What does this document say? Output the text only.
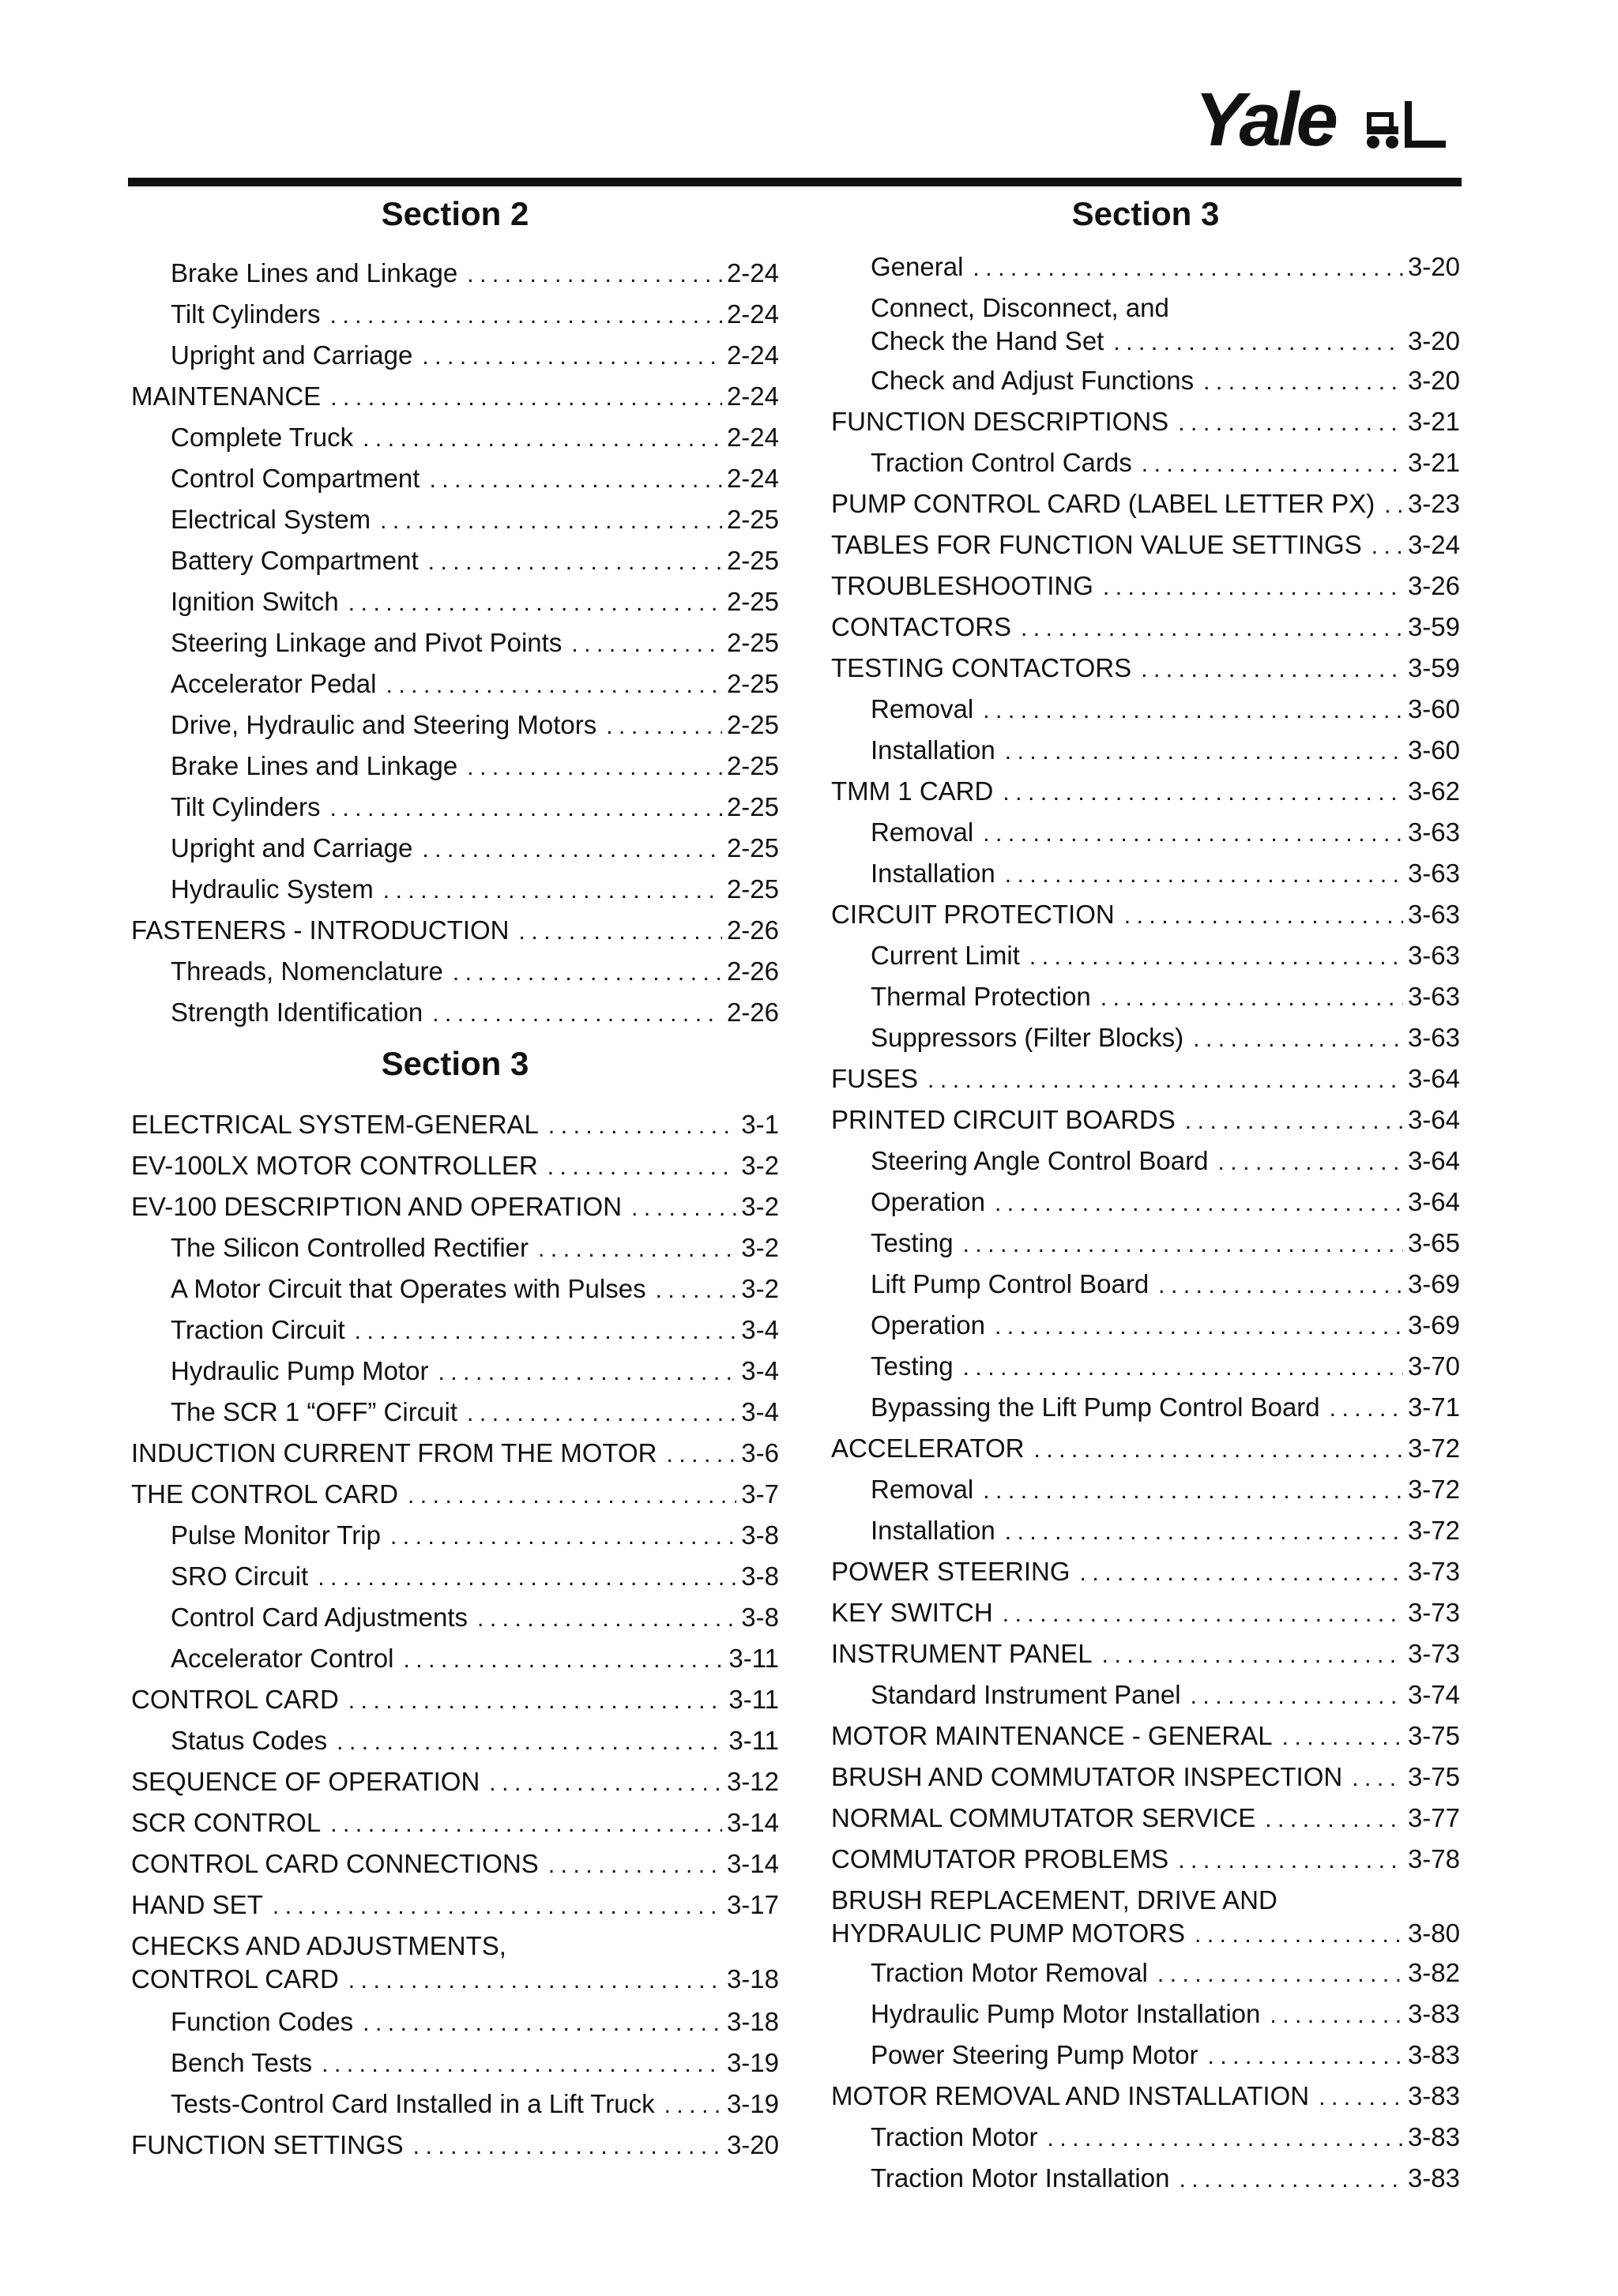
Yale
Section 2
Brake Lines and Linkage .....	2-24
Tilt Cylinders .....	2-24
Upright and Carriage .....	2-24
MAINTENANCE .....	2-24
Complete Truck .....	2-24
Control Compartment .....	2-24
Electrical System .....	2-25
Battery Compartment .....	2-25
Ignition Switch .....	2-25
Steering Linkage and Pivot Points .....	2-25
Accelerator Pedal .....	2-25
Drive, Hydraulic and Steering Motors .....	2-25
Brake Lines and Linkage .....	2-25
Tilt Cylinders .....	2-25
Upright and Carriage .....	2-25
Hydraulic System .....	2-25
FASTENERS - INTRODUCTION .....	2-26
Threads, Nomenclature .....	2-26
Strength Identification .....	2-26
Section 3
ELECTRICAL SYSTEM-GENERAL .....	3-1
EV-100LX MOTOR CONTROLLER .....	3-2
EV-100 DESCRIPTION AND OPERATION .....	3-2
The Silicon Controlled Rectifier .....	3-2
A Motor Circuit that Operates with Pulses .....	3-2
Traction Circuit .....	3-4
Hydraulic Pump Motor .....	3-4
The SCR 1 “OFF” Circuit .....	3-4
INDUCTION CURRENT FROM THE MOTOR .....	3-6
THE CONTROL CARD .....	3-7
Pulse Monitor Trip .....	3-8
SRO Circuit .....	3-8
Control Card Adjustments .....	3-8
Accelerator Control .....	3-11
CONTROL CARD .....	3-11
Status Codes .....	3-11
SEQUENCE OF OPERATION .....	3-12
SCR CONTROL .....	3-14
CONTROL CARD CONNECTIONS .....	3-14
HAND SET .....	3-17
CHECKS AND ADJUSTMENTS,
CONTROL CARD .....	3-18
Function Codes .....	3-18
Bench Tests .....	3-19
Tests-Control Card Installed in a Lift Truck .....	3-19
FUNCTION SETTINGS .....	3-20
Section 3
General .....	3-20
Connect, Disconnect, and
Check the Hand Set .....	3-20
Check and Adjust Functions .....	3-20
FUNCTION DESCRIPTIONS .....	3-21
Traction Control Cards .....	3-21
PUMP CONTROL CARD (LABEL LETTER PX) ..... 3-23
TABLES FOR FUNCTION VALUE SETTINGS ..... 3-24
TROUBLESHOOTING .....	3-26
CONTACTORS .....	3-59
TESTING CONTACTORS .....	3-59
Removal .....	3-60
Installation .....	3-60
TMM 1 CARD .....	3-62
Removal .....	3-63
Installation .....	3-63
CIRCUIT PROTECTION .....	3-63
Current Limit .....	3-63
Thermal Protection .....	3-63
Suppressors (Filter Blocks) .....	3-63
FUSES .....	3-64
PRINTED CIRCUIT BOARDS .....	3-64
Steering Angle Control Board .....	3-64
Operation .....	3-64
Testing .....	3-65
Lift Pump Control Board .....	3-69
Operation .....	3-69
Testing .....	3-70
Bypassing the Lift Pump Control Board .....	3-71
ACCELERATOR .....	3-72
Removal .....	3-72
Installation .....	3-72
POWER STEERING .....	3-73
KEY SWITCH .....	3-73
INSTRUMENT PANEL .....	3-73
Standard Instrument Panel .....	3-74
MOTOR MAINTENANCE - GENERAL .....	3-75
BRUSH AND COMMUTATOR INSPECTION .....	3-75
NORMAL COMMUTATOR SERVICE .....	3-77
COMMUTATOR PROBLEMS .....	3-78
BRUSH REPLACEMENT, DRIVE AND
HYDRAULIC PUMP MOTORS .....	3-80
Traction Motor Removal .....	3-82
Hydraulic Pump Motor Installation .....	3-83
Power Steering Pump Motor .....	3-83
MOTOR REMOVAL AND INSTALLATION .....	3-83
Traction Motor .....	3-83
Traction Motor Installation .....	3-83
